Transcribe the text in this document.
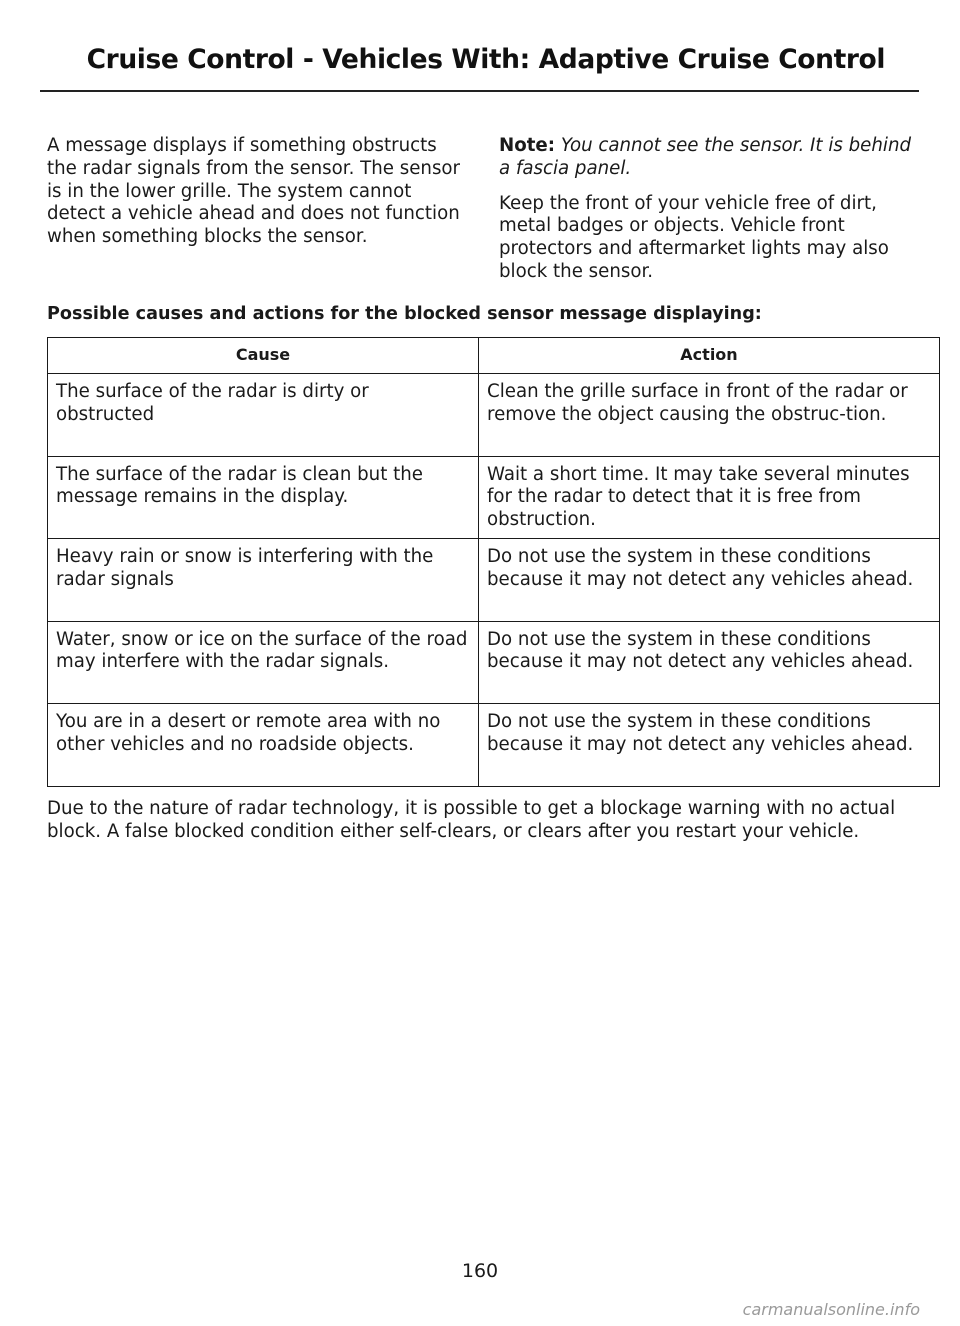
Cruise Control - Vehicles With: Adaptive Cruise Control

A message displays if something obstructs the radar signals from the sensor. The sensor is in the lower grille. The system cannot detect a vehicle ahead and does not function when something blocks the sensor.

Note: You cannot see the sensor. It is behind a fascia panel.

Keep the front of your vehicle free of dirt, metal badges or objects. Vehicle front protectors and aftermarket lights may also block the sensor.

Possible causes and actions for the blocked sensor message displaying:
Cause	Action
The surface of the radar is dirty or obstructed	Clean the grille surface in front of the radar or remove the object causing the obstruc-tion.
The surface of the radar is clean but the message remains in the display.	Wait a short time. It may take several minutes for the radar to detect that it is free from obstruction.
Heavy rain or snow is interfering with the radar signals	Do not use the system in these conditions because it may not detect any vehicles ahead.
Water, snow or ice on the surface of the road may interfere with the radar signals.	Do not use the system in these conditions because it may not detect any vehicles ahead.
You are in a desert or remote area with no other vehicles and no roadside objects.	Do not use the system in these conditions because it may not detect any vehicles ahead.

Due to the nature of radar technology, it is possible to get a blockage warning with no actual block. A false blocked condition either self-clears, or clears after you restart your vehicle.

160
carmanualsonline.info
